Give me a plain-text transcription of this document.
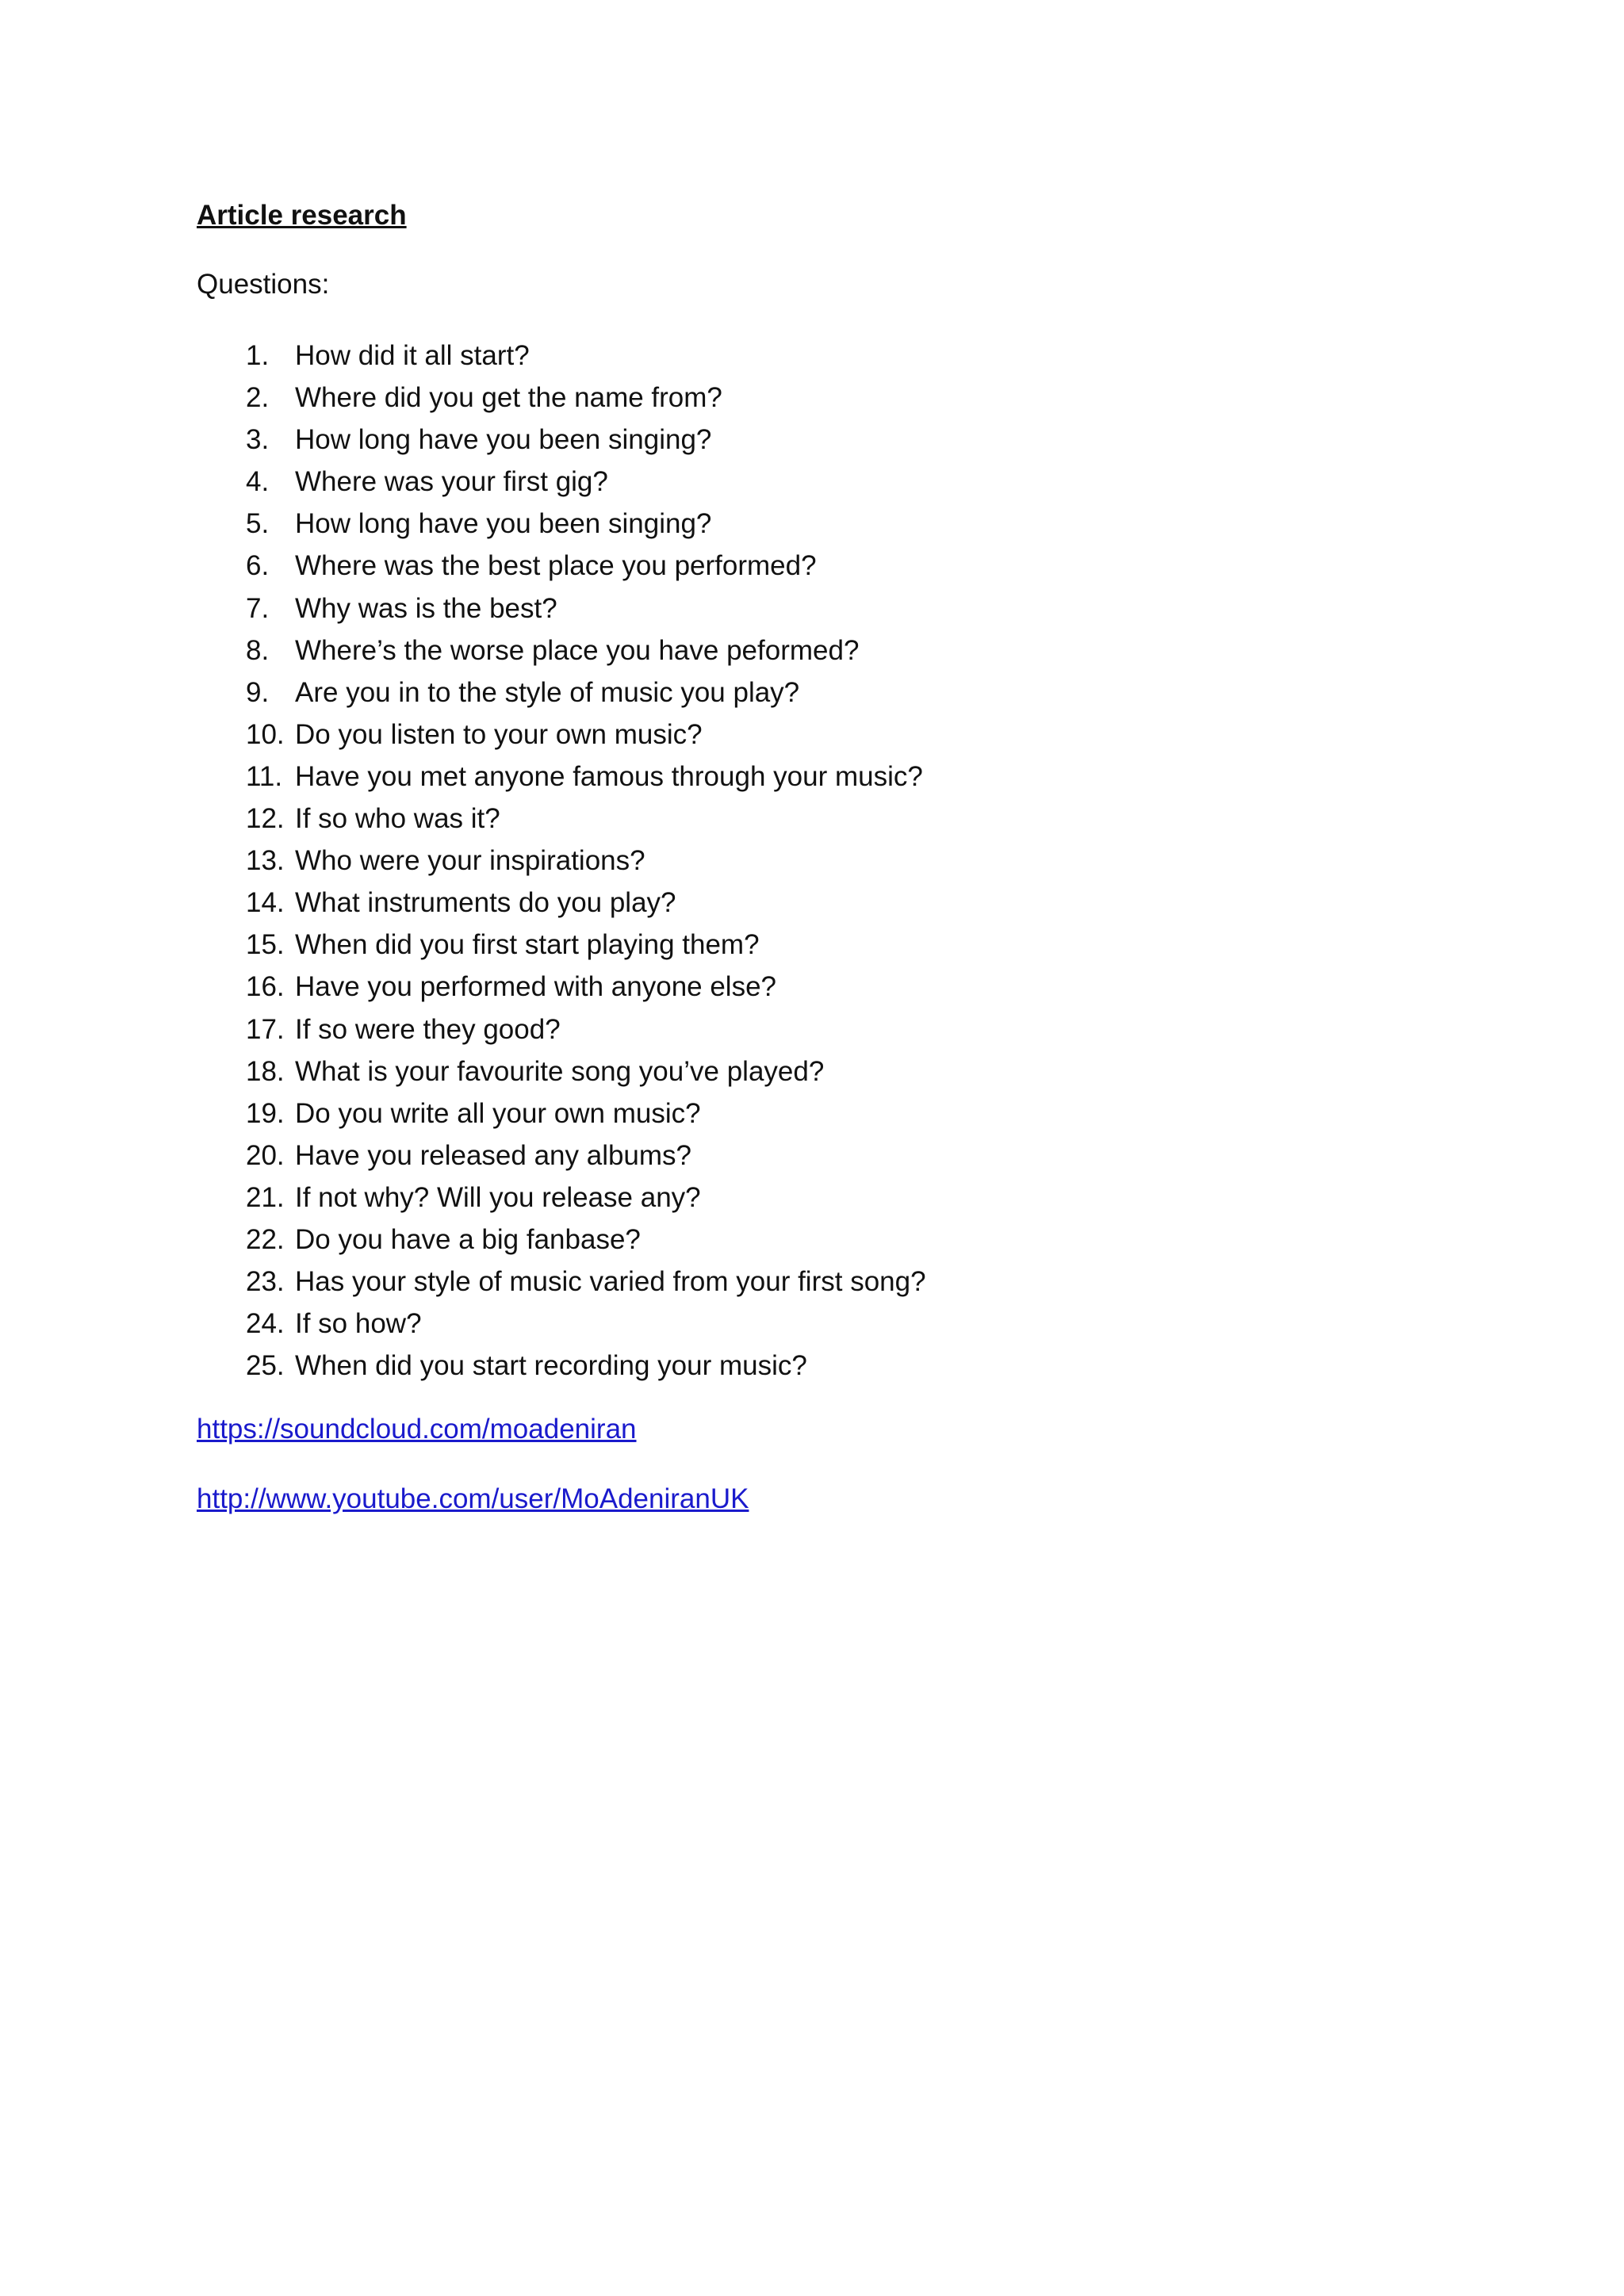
Article research

Questions:

1. How did it all start?
2. Where did you get the name from?
3. How long have you been singing?
4. Where was your first gig?
5. How long have you been singing?
6. Where was the best place you performed?
7. Why was is the best?
8. Where’s the worse place you have peformed?
9. Are you in to the style of music you play?
10. Do you listen to your own music?
11. Have you met anyone famous through your music?
12. If so who was it?
13. Who were your inspirations?
14. What instruments do you play?
15. When did you first start playing them?
16. Have you performed with anyone else?
17. If so were they good?
18. What is your favourite song you’ve played?
19. Do you write all your own music?
20. Have you released any albums?
21. If not why? Will you release any?
22. Do you have a big fanbase?
23. Has your style of music varied from your first song?
24. If so how?
25. When did you start recording your music?
https://soundcloud.com/moadeniran
http://www.youtube.com/user/MoAdeniranUK
